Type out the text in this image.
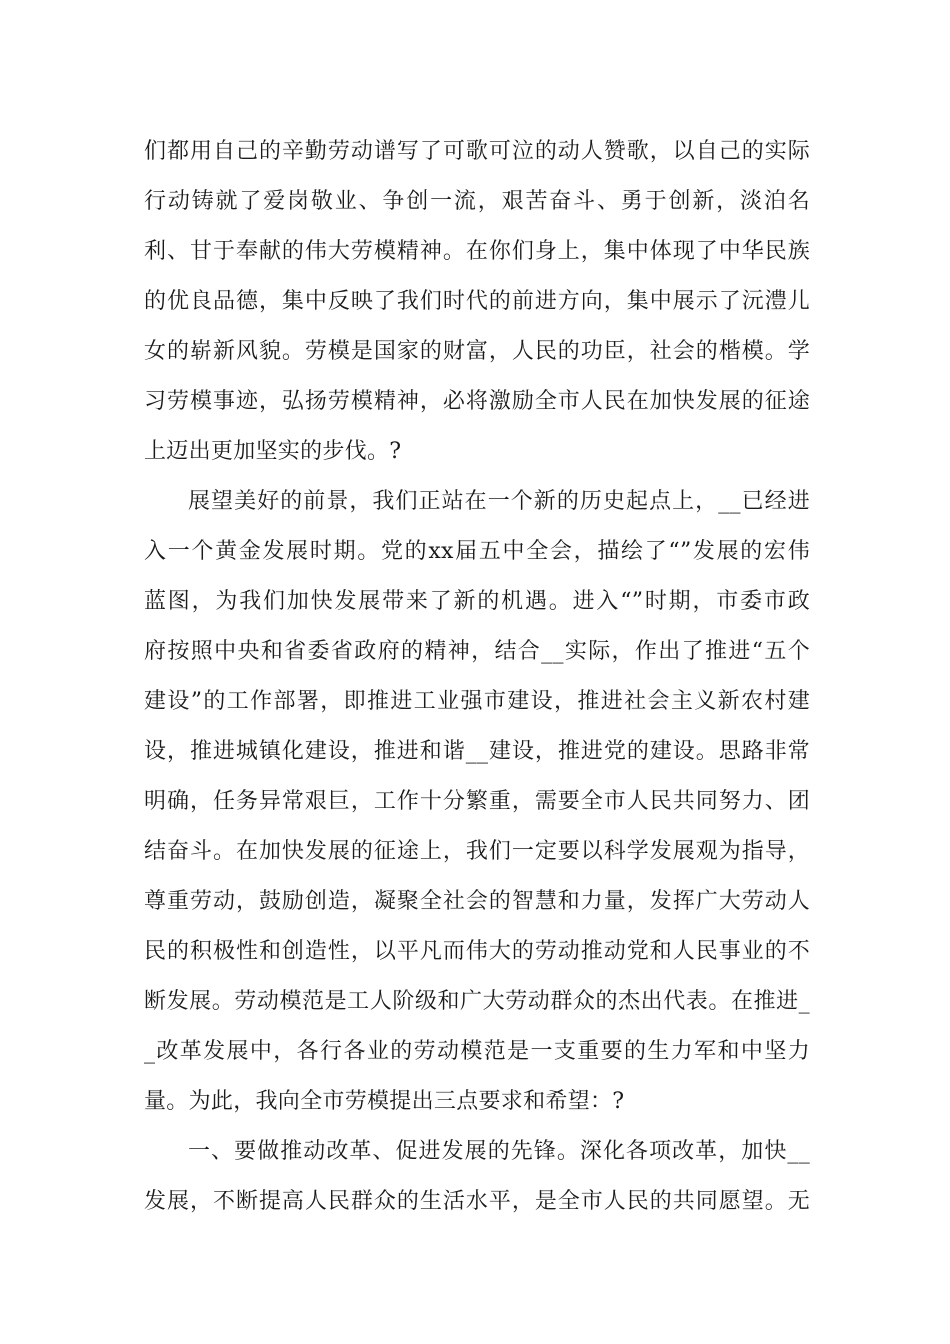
们都用自己的辛勤劳动谱写了可歌可泣的动人赞歌，以自己的实际
行动铸就了爱岗敬业、争创一流，艰苦奋斗、勇于创新，淡泊名
利、甘于奉献的伟大劳模精神。在你们身上，集中体现了中华民族
的优良品德，集中反映了我们时代的前进方向，集中展示了沅澧儿
女的崭新风貌。劳模是国家的财富，人民的功臣，社会的楷模。学
习劳模事迹，弘扬劳模精神，必将激励全市人民在加快发展的征途
上迈出更加坚实的步伐。?
展望美好的前景，我们正站在一个新的历史起点上，__已经进
入一个黄金发展时期。党的xx届五中全会，描绘了“”发展的宏伟
蓝图，为我们加快发展带来了新的机遇。进入“”时期，市委市政
府按照中央和省委省政府的精神，结合__实际，作出了推进“五个
建设”的工作部署，即推进工业强市建设，推进社会主义新农村建
设，推进城镇化建设，推进和谐__建设，推进党的建设。思路非常
明确，任务异常艰巨，工作十分繁重，需要全市人民共同努力、团
结奋斗。在加快发展的征途上，我们一定要以科学发展观为指导，
尊重劳动，鼓励创造，凝聚全社会的智慧和力量，发挥广大劳动人
民的积极性和创造性，以平凡而伟大的劳动推动党和人民事业的不
断发展。劳动模范是工人阶级和广大劳动群众的杰出代表。在推进_
_改革发展中，各行各业的劳动模范是一支重要的生力军和中坚力
量。为此，我向全市劳模提出三点要求和希望：?
一、要做推动改革、促进发展的先锋。深化各项改革，加快__
发展，不断提高人民群众的生活水平，是全市人民的共同愿望。无
